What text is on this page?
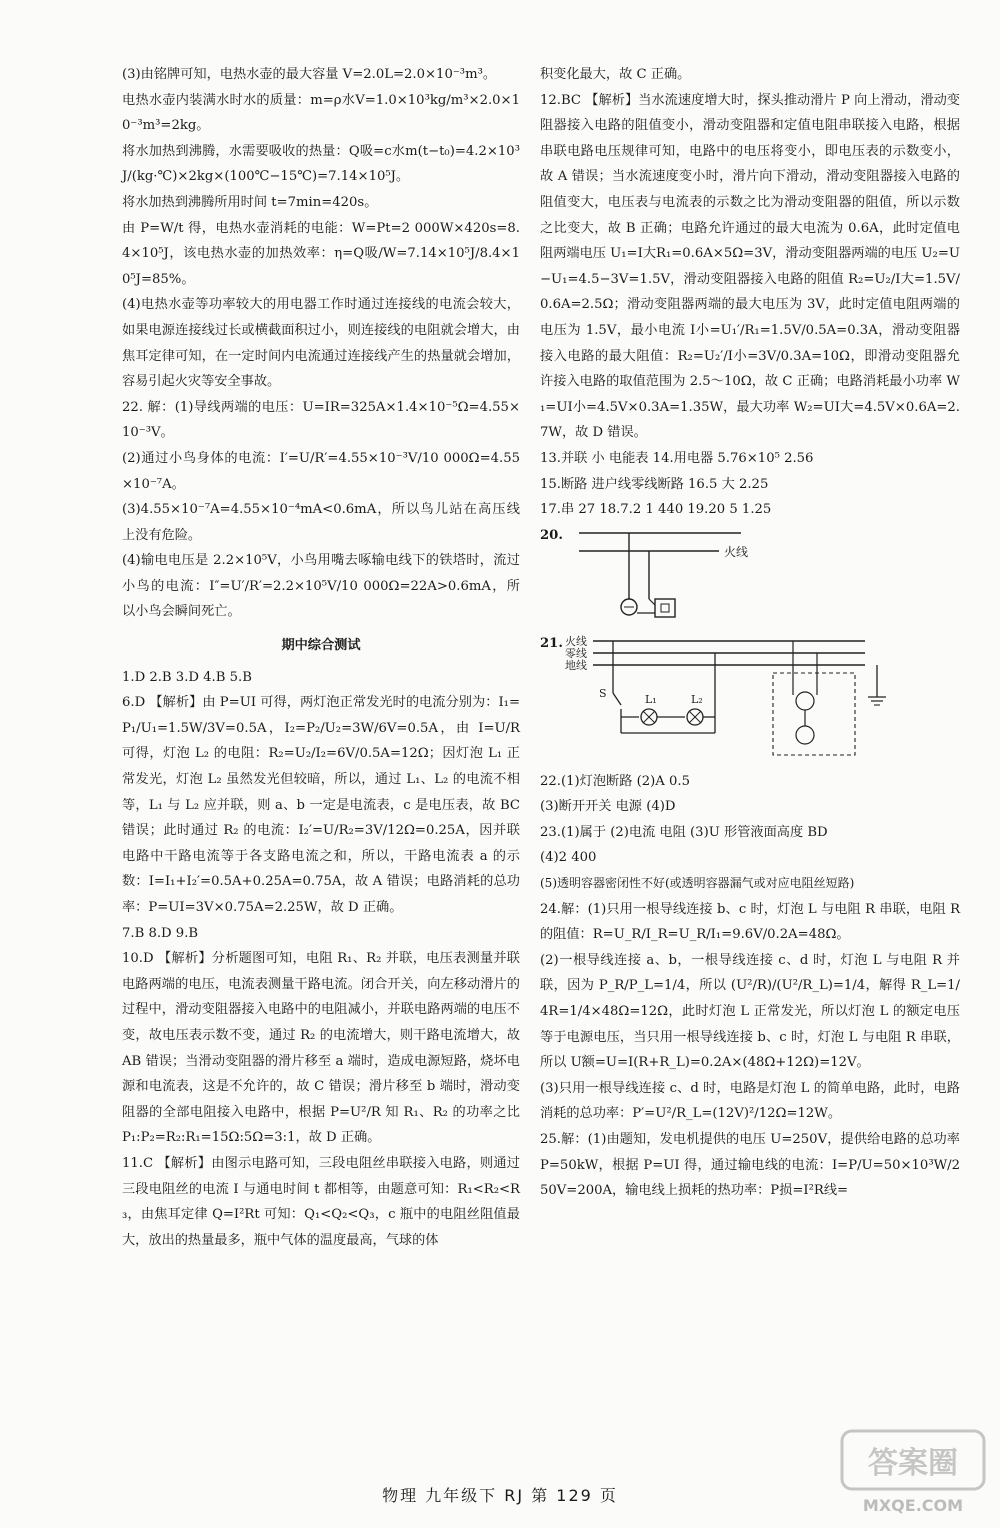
(3)由铭牌可知，电热水壶的最大容量 V=2.0L=2.0×10⁻³m³。

电热水壶内装满水时水的质量：m=ρ水V=1.0×10³kg/m³×2.0×10⁻³m³=2kg。

将水加热到沸腾，水需要吸收的热量：Q吸=c水m(t−t₀)=4.2×10³J/(kg·℃)×2kg×(100℃−15℃)=7.14×10⁵J。

将水加热到沸腾所用时间 t=7min=420s。

由 P=W/t 得，电热水壶消耗的电能：W=Pt=2 000W×420s=8.4×10⁵J，该电热水壶的加热效率：η=Q吸/W=7.14×10⁵J/8.4×10⁵J=85%。

(4)电热水壶等功率较大的用电器工作时通过连接线的电流会较大，如果电源连接线过长或横截面积过小，则连接线的电阻就会增大，由焦耳定律可知，在一定时间内电流通过连接线产生的热量就会增加，容易引起火灾等安全事故。

22. 解：(1)导线两端的电压：U=IR=325A×1.4×10⁻⁵Ω=4.55×10⁻³V。

(2)通过小鸟身体的电流：I′=U/R′=4.55×10⁻³V/10 000Ω=4.55×10⁻⁷A。

(3)4.55×10⁻⁷A=4.55×10⁻⁴mA<0.6mA，所以鸟儿站在高压线上没有危险。

(4)输电电压是 2.2×10⁵V，小鸟用嘴去啄输电线下的铁塔时，流过小鸟的电流：I″=U′/R′=2.2×10⁵V/10 000Ω=22A>0.6mA，所以小鸟会瞬间死亡。

期中综合测试

1.D 2.B 3.D 4.B 5.B

6.D 【解析】由 P=UI 可得，两灯泡正常发光时的电流分别为：I₁=P₁/U₁=1.5W/3V=0.5A，I₂=P₂/U₂=3W/6V=0.5A，由 I=U/R 可得，灯泡 L₂ 的电阻：R₂=U₂/I₂=6V/0.5A=12Ω；因灯泡 L₁ 正常发光，灯泡 L₂ 虽然发光但较暗，所以，通过 L₁、L₂ 的电流不相等，L₁ 与 L₂ 应并联，则 a、b 一定是电流表，c 是电压表，故 BC 错误；此时通过 R₂ 的电流：I₂′=U/R₂=3V/12Ω=0.25A，因并联电路中干路电流等于各支路电流之和，所以，干路电流表 a 的示数：I=I₁+I₂′=0.5A+0.25A=0.75A，故 A 错误；电路消耗的总功率：P=UI=3V×0.75A=2.25W，故 D 正确。

7.B 8.D 9.B

10.D 【解析】分析题图可知，电阻 R₁、R₂ 并联，电压表测量并联电路两端的电压，电流表测量干路电流。闭合开关，向左移动滑片的过程中，滑动变阻器接入电路中的电阻减小，并联电路两端的电压不变，故电压表示数不变，通过 R₂ 的电流增大，则干路电流增大，故 AB 错误；当滑动变阻器的滑片移至 a 端时，造成电源短路，烧坏电源和电流表，这是不允许的，故 C 错误；滑片移至 b 端时，滑动变阻器的全部电阻接入电路中，根据 P=U²/R 知 R₁、R₂ 的功率之比 P₁:P₂=R₂:R₁=15Ω:5Ω=3:1，故 D 正确。

11.C 【解析】由图示电路可知，三段电阻丝串联接入电路，则通过三段电阻丝的电流 I 与通电时间 t 都相等，由题意可知：R₁<R₂<R₃，由焦耳定律 Q=I²Rt 可知：Q₁<Q₂<Q₃，c 瓶中的电阻丝阻值最大，放出的热量最多，瓶中气体的温度最高，气球的体

积变化最大，故 C 正确。

12.BC 【解析】当水流速度增大时，探头推动滑片 P 向上滑动，滑动变阻器接入电路的阻值变小，滑动变阻器和定值电阻串联接入电路，根据串联电路电压规律可知，电路中的电压将变小，即电压表的示数变小，故 A 错误；当水流速度变小时，滑片向下滑动，滑动变阻器接入电路的阻值变大，电压表与电流表的示数之比为滑动变阻器的阻值，所以示数之比变大，故 B 正确；电路允许通过的最大电流为 0.6A，此时定值电阻两端电压 U₁=I大R₁=0.6A×5Ω=3V，滑动变阻器两端的电压 U₂=U−U₁=4.5−3V=1.5V，滑动变阻器接入电路的阻值 R₂=U₂/I大=1.5V/0.6A=2.5Ω；滑动变阻器两端的最大电压为 3V，此时定值电阻两端的电压为 1.5V，最小电流 I小=U₁′/R₁=1.5V/0.5A=0.3A，滑动变阻器接入电路的最大阻值：R₂=U₂′/I小=3V/0.3A=10Ω，即滑动变阻器允许接入电路的取值范围为 2.5～10Ω，故 C 正确；电路消耗最小功率 W₁=UI小=4.5V×0.3A=1.35W，最大功率 W₂=UI大=4.5V×0.6A=2.7W，故 D 错误。

13.并联 小 电能表 14.用电器 5.76×10⁵ 2.56

15.断路 进户线零线断路 16.5 大 2.25

17.串 27 18.7.2 1 440 19.20 5 1.25

20.
火线
21. 火线
零线
地线
S	L₁	L₂

22.(1)灯泡断路 (2)A 0.5

(3)断开开关 电源 (4)D

23.(1)属于 (2)电流 电阻 (3)U 形管液面高度 BD

(4)2 400

(5)透明容器密闭性不好(或透明容器漏气或对应电阻丝短路)

24.解：(1)只用一根导线连接 b、c 时，灯泡 L 与电阻 R 串联，电阻 R 的阻值：R=U_R/I_R=U_R/I₁=9.6V/0.2A=48Ω。

(2)一根导线连接 a、b，一根导线连接 c、d 时，灯泡 L 与电阻 R 并联，因为 P_R/P_L=1/4，所以 (U²/R)/(U²/R_L)=1/4，解得 R_L=1/4R=1/4×48Ω=12Ω，此时灯泡 L 正常发光，所以灯泡 L 的额定电压等于电源电压，当只用一根导线连接 b、c 时，灯泡 L 与电阻 R 串联，所以 U额=U=I(R+R_L)=0.2A×(48Ω+12Ω)=12V。

(3)只用一根导线连接 c、d 时，电路是灯泡 L 的简单电路，此时，电路消耗的总功率：P′=U²/R_L=(12V)²/12Ω=12W。

25.解：(1)由题知，发电机提供的电压 U=250V，提供给电路的总功率 P=50kW，根据 P=UI 得，通过输电线的电流：I=P/U=50×10³W/250V=200A，输电线上损耗的热功率：P损=I²R线=

物理 九年级下 RJ 第 129 页
答案圈
MXQE.COM
